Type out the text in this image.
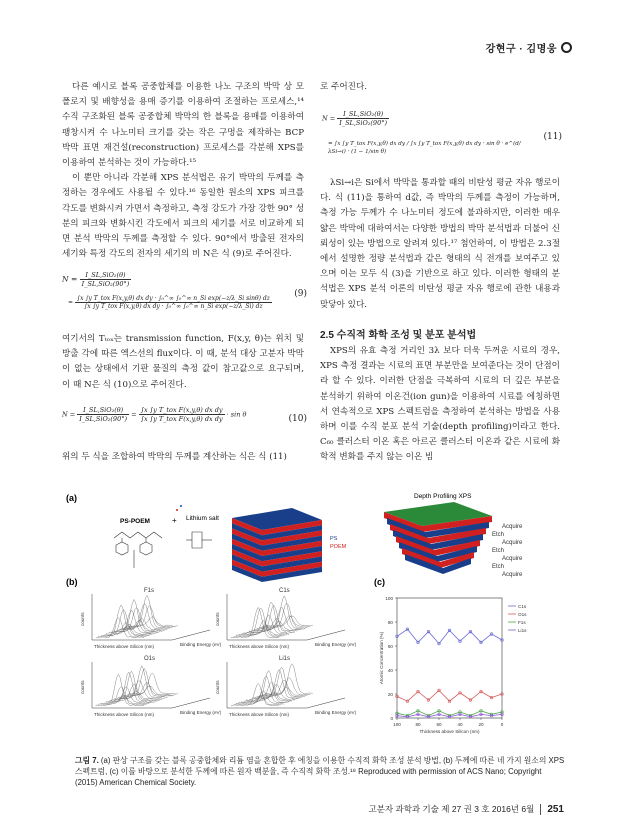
강현구 · 김명웅

다른 예시로 블록 공중합체를 이용한 나노 구조의 박막 상 모폴로지 및 배향성을 용매 증기를 이용하여 조절하는 프로세스,¹⁴ 수직 구조화된 블록 공중합체 박막의 한 블록을 용매를 이용하여 팽창시켜 수 나노미터 크기를 갖는 작은 구멍을 제작하는 BCP 박막 표면 재건설(reconstruction) 프로세스를 각분해 XPS를 이용하여 분석하는 것이 가능하다.¹⁵

이 뿐만 아니라 각분해 XPS 분석법은 유기 박막의 두께를 측정하는 경우에도 사용될 수 있다.¹⁶ 동일한 원소의 XPS 피크를 각도를 변화시켜 가면서 측정하고, 측정 강도가 가장 강한 90° 성분의 피크와 변화시킨 각도에서 피크의 세기를 서로 비교하게 되면 분석 박막의 두께를 측정할 수 있다. 90°에서 방출된 전자의 세기와 특정 각도의 전자의 세기의 비 N은 식 (9)로 주어진다.

$N = \frac{\text{I\_SL,SiO₂(θ)}}{\text{I\_SL,SiO₂(90°)}}$
=
∫x ∫y T_tox F(x,y,θ) dx dy · ∫₀^∞ ∫₀^∞ n_Si exp(−z/λ_Si sinθ) dz
∫x ∫y T_tox F(x,y,θ) dx dy · ∫₀^∞ ∫₀^∞ n_Si exp(−z/λ_Si) dz
(9)

여기서의 Tₜₒₓ는 transmission function, F(x,y, θ)는 위치 및 방출 각에 따른 엑스선의 flux이다. 이 때, 분석 대상 고분자 박막이 없는 상태에서 기판 물질의 측정 값이 참고값으로 요구되며, 이 때 N은 식 (10)으로 주어진다.

$N = \frac{\text{I\_SL,SiO₂(θ)}}{\text{I\_SL,SiO₂(90°)}} = \frac{\text{∫x ∫y T\_tox F(x,y,θ) dx dy}}{\text{∫x ∫y T\_tox F(x,y,θ) dx dy}} \cdot \sin \theta$	(10)

위의 두 식을 조합하여 박막의 두께를 계산하는 식은 식 (11)

로 주어진다.

$N = \frac{\text{I\_SL,SiO₂(θ)}}{\text{I\_SL,SiO₂(90°)}}$
= ∫x ∫y T_tox F(x,y,θ) dx dy / ∫x ∫y T_tox F(x,y,θ) dx dy · sin θ · e^(d/λSi→i) · (1 − 1/sin θ)
(11)

λSi→i은 Si에서 박막을 통과할 때의 비탄성 평균 자유 행로이다. 식 (11)을 통하여 d값, 즉 박막의 두께를 측정이 가능하며, 측정 가능 두께가 수 나노미터 정도에 불과하지만, 이러한 매우 얇은 박막에 대하여서는 다양한 방법의 박막 분석법과 더불어 신뢰성이 있는 방법으로 알려져 있다.¹⁷ 첨언하여, 이 방법은 2.3절에서 설명한 정량 분석법과 같은 형태의 식 전개를 보여주고 있으며 이는 모두 식 (3)을 기반으로 하고 있다. 이러한 형태의 분석법은 XPS 분석 이론의 비탄성 평균 자유 행로에 관한 내용과 맞닿아 있다.

2.5 수직적 화학 조성 및 분포 분석법

XPS의 유효 측정 거리인 3λ 보다 더욱 두꺼운 시료의 경우, XPS 측정 결과는 시료의 표면 부분만을 보여준다는 것이 단점이라 할 수 있다. 이러한 단점을 극복하여 시료의 더 깊은 부분을 분석하기 위하여 이온건(ion gun)을 이용하여 시료를 에칭하면서 연속적으로 XPS 스펙트럼을 측정하여 분석하는 방법을 사용하며 이를 수직 분포 분석 기술(depth profiling)이라고 한다. C₆₀ 클러스터 이온 혹은 아르곤 클러스터 이온과 같은 시료에 화학적 변화를 주지 않는 이온 빔

(a)
PS-POEM	+ Lithium salt
PS
POEM
Depth Profiling XPS
Acquire
Etch
Acquire
Etch
Acquire
Etch
Acquire
(b)
F1s
Thickness above Silicon (nm)	Binding Energy (eV)
counts
C1s
Thickness above Silicon (nm)	Binding Energy (eV)
counts
O1s
Thickness above Silicon (nm)	Binding Energy (eV)
counts
Li1s
Thickness above Silicon (nm)	Binding Energy (eV)
counts
(c)
0
20
40
60
80
100
100	80	60	40	20	0
Atomic Concentration (%)
Thickness above Silicon (nm)
C1s
O1s
F1s
Li1s
그림 7. (a) 판상 구조를 갖는 블록 공중합체와 리튬 염을 혼합한 후 에칭을 이용한 수직적 화학 조성 분석 방법, (b) 두께에 따른 네 가지 원소의 XPS 스펙트럼, (c) 이를 바탕으로 분석한 두께에 따른 원자 백분율, 즉 수직적 화학 조성.¹⁸ Reproduced with permission of ACS Nano; Copyright (2015) American Chemical Society.
고분자 과학과 기술 제 27 권 3 호 2016년 6월 251
